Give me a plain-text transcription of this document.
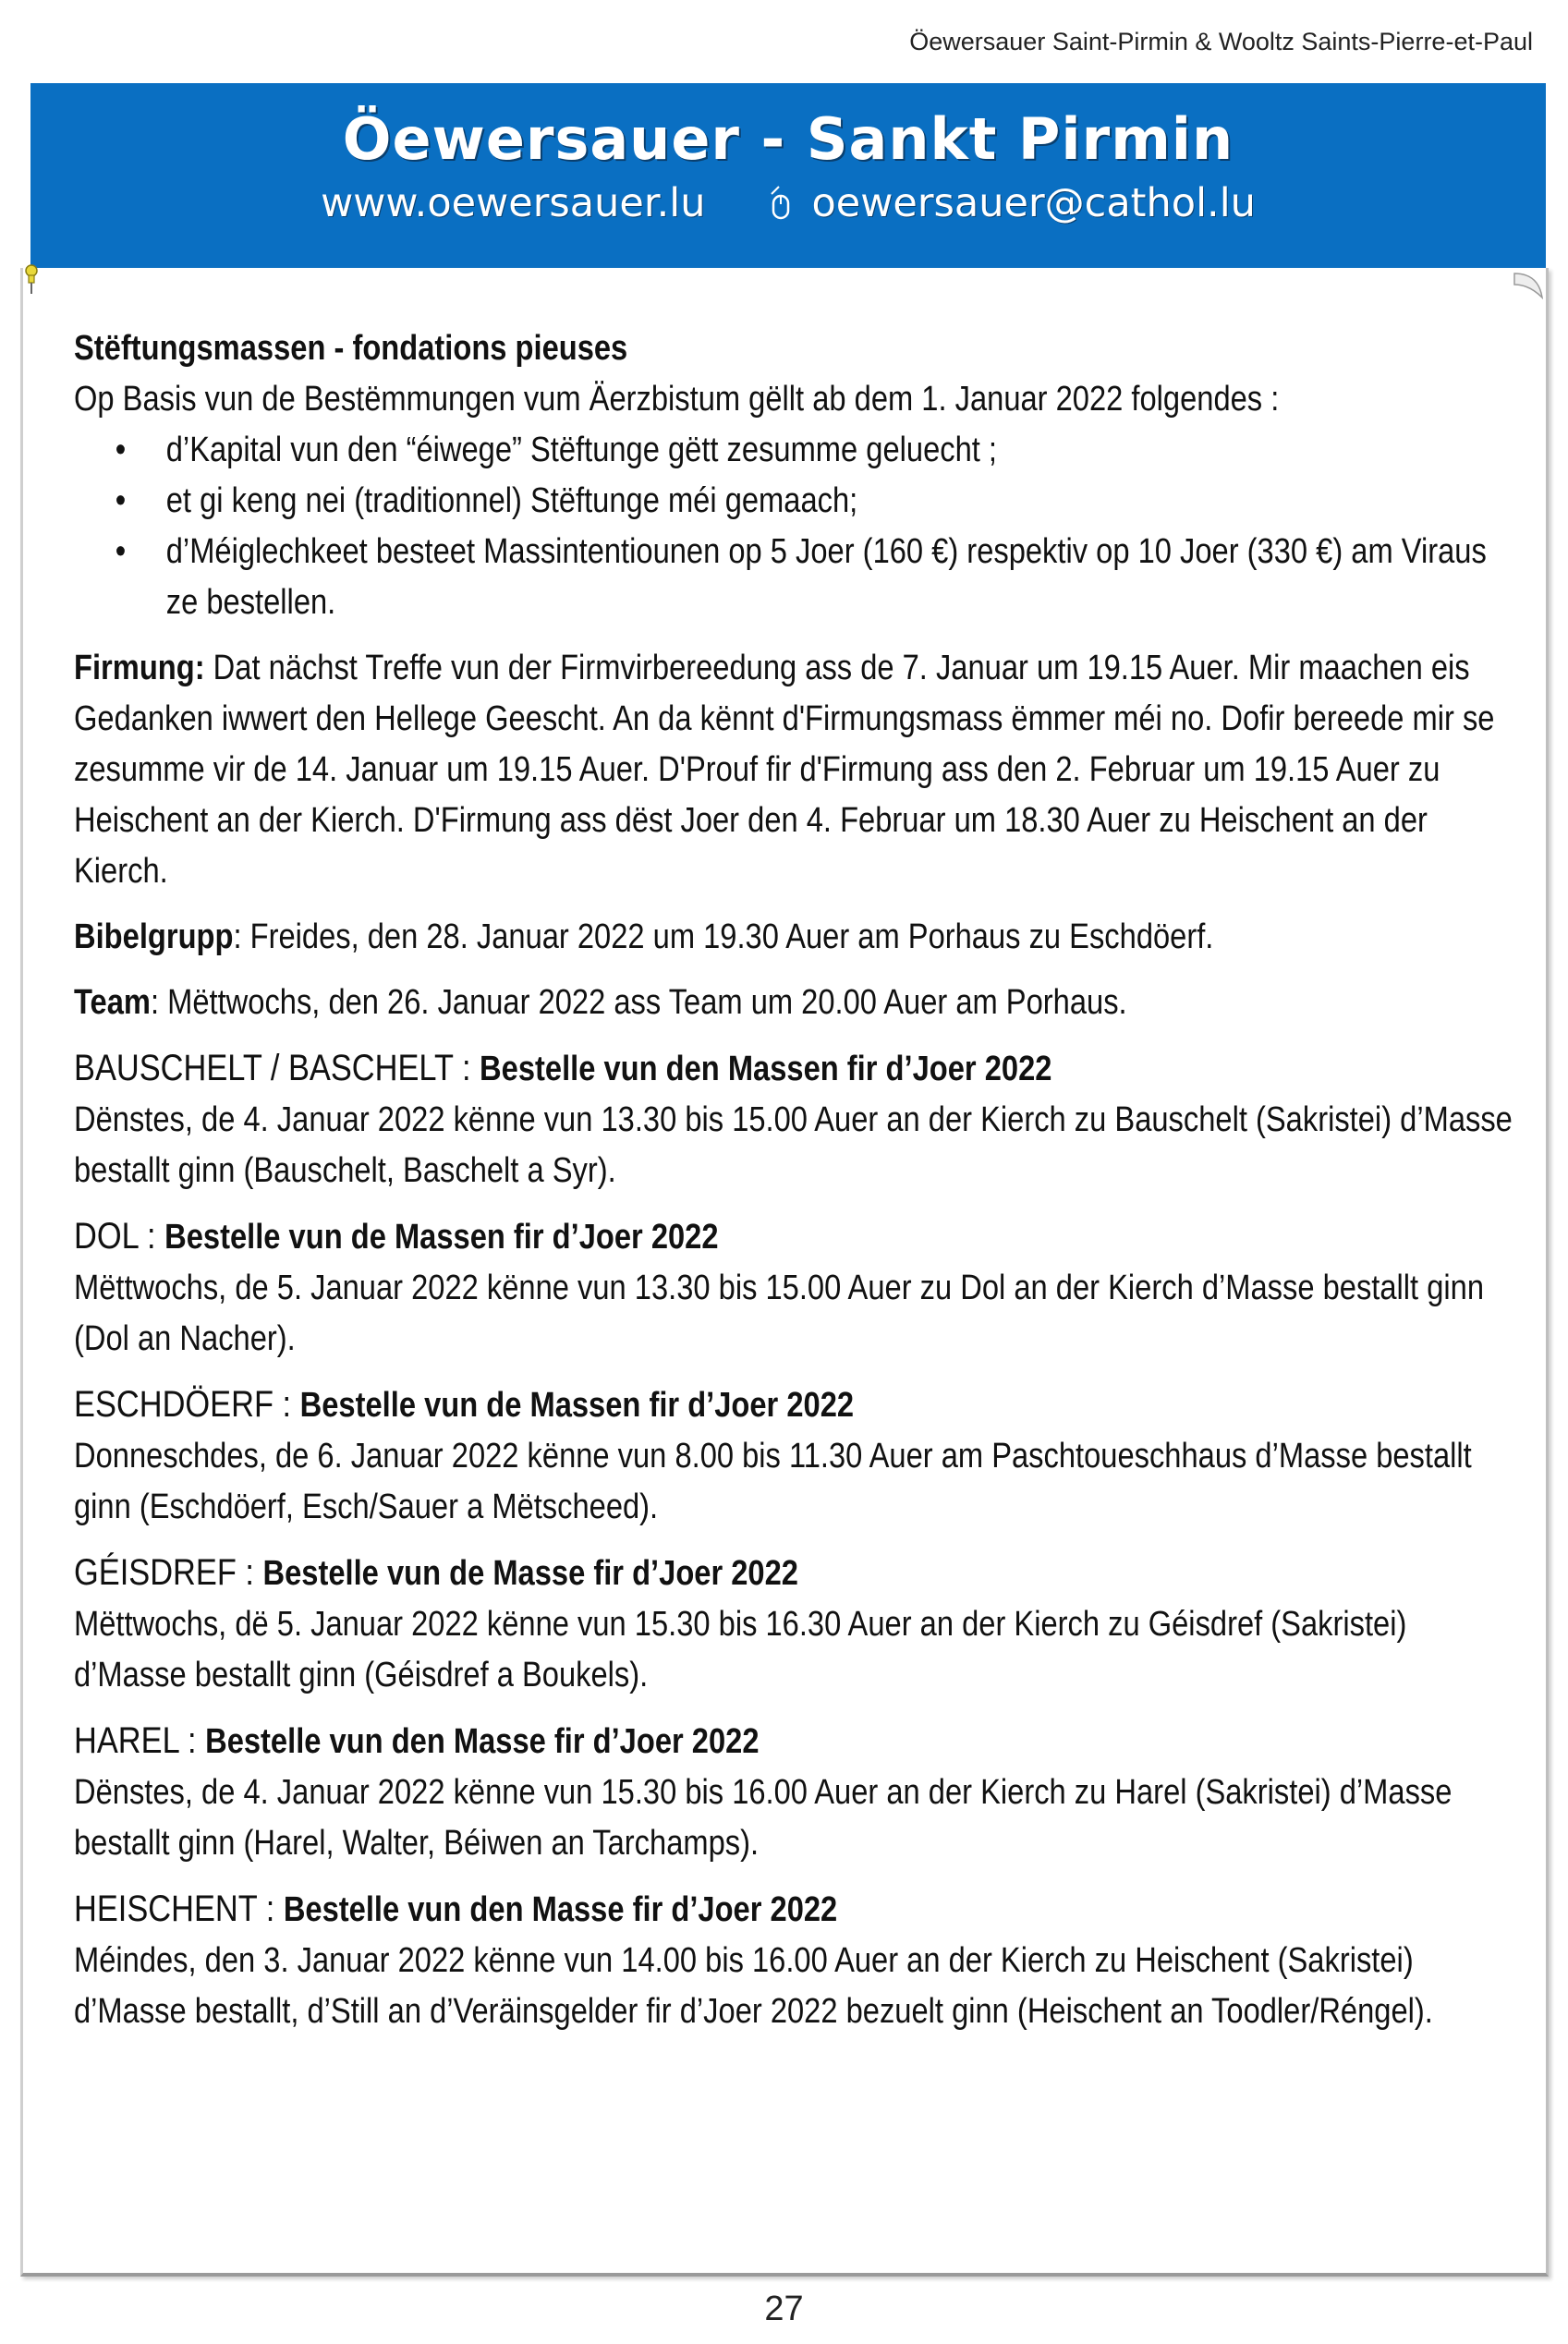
Öewersauer Saint-Pirmin & Wooltz Saints-Pierre-et-Paul
Öewersauer - Sankt Pirmin
www.oewersauer.lu	oewersauer@cathol.lu
Stëftungsmassen - fondations pieuses
Op Basis vun de Bestëmmungen vum Äerzbistum gëllt ab dem 1. Januar 2022 folgendes :
• d’Kapital vun den “éiwege” Stëftunge gëtt zesumme geluecht ;
• et gi keng nei (traditionnel) Stëftunge méi gemaach;
• d’Méiglechkeet besteet Massintentiounen op 5 Joer (160 €) respektiv op 10 Joer (330 €) am Viraus ze bestellen.
Firmung: Dat nächst Treffe vun der Firmvirbereedung ass de 7. Januar um 19.15 Auer. Mir maachen eis Gedanken iwwert den Hellege Geescht. An da kënnt d'Firmungsmass ëmmer méi no. Dofir bereede mir se zesumme vir de 14. Januar um 19.15 Auer. D'Prouf fir d'Firmung ass den 2. Februar um 19.15 Auer zu Heischent an der Kierch. D'Firmung ass dëst Joer den 4. Februar um 18.30 Auer zu Heischent an der Kierch.
Bibelgrupp: Freides, den 28. Januar 2022 um 19.30 Auer am Porhaus zu Eschdöerf.
Team: Mëttwochs, den 26. Januar 2022 ass Team um 20.00 Auer am Porhaus.
BAUSCHELT / BASCHELT : Bestelle vun den Massen fir d’Joer 2022
Dënstes, de 4. Januar 2022 kënne vun 13.30 bis 15.00 Auer an der Kierch zu Bauschelt (Sakristei) d’Masse bestallt ginn (Bauschelt, Baschelt a Syr).
DOL : Bestelle vun de Massen fir d’Joer 2022
Mëttwochs, de 5. Januar 2022 kënne vun 13.30 bis 15.00 Auer zu Dol an der Kierch d’Masse bestallt ginn (Dol an Nacher).
ESCHDÖERF : Bestelle vun de Massen fir d’Joer 2022
Donneschdes, de 6. Januar 2022 kënne vun 8.00 bis 11.30 Auer am Paschtoueschhaus d’Masse bestallt ginn (Eschdöerf, Esch/Sauer a Mëtscheed).
GÉISDREF : Bestelle vun de Masse fir d’Joer 2022
Mëttwochs, dë 5. Januar 2022 kënne vun 15.30 bis 16.30 Auer an der Kierch zu Géisdref (Sakristei) d’Masse bestallt ginn (Géisdref a Boukels).
HAREL : Bestelle vun den Masse fir d’Joer 2022
Dënstes, de 4. Januar 2022 kënne vun 15.30 bis 16.00 Auer an der Kierch zu Harel (Sakristei) d’Masse bestallt ginn (Harel, Walter, Béiwen an Tarchamps).
HEISCHENT : Bestelle vun den Masse fir d’Joer 2022
Méindes, den 3. Januar 2022 kënne vun 14.00 bis 16.00 Auer an der Kierch zu Heischent (Sakristei) d’Masse bestallt, d’Still an d’Veräinsgelder fir d’Joer 2022 bezuelt ginn (Heischent an Toodler/Réngel).
27
